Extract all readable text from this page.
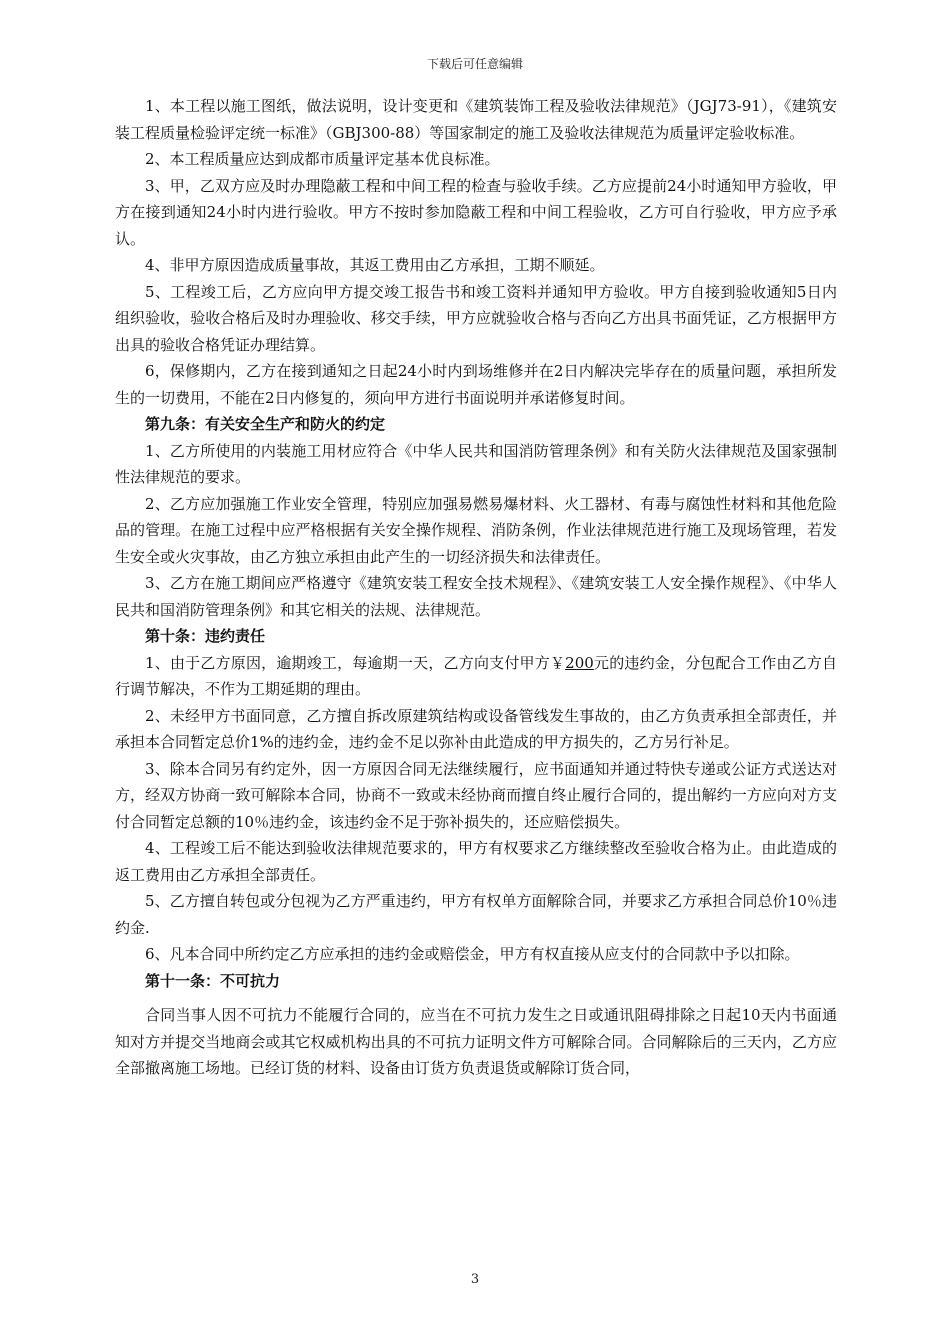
下载后可任意编辑

1、本工程以施工图纸，做法说明，设计变更和《建筑装饰工程及验收法律规范》（JGJ73-91），《建筑安装工程质量检验评定统一标准》（GBJ300-88）等国家制定的施工及验收法律规范为质量评定验收标准。

2、本工程质量应达到成都市质量评定基本优良标准。

3、甲，乙双方应及时办理隐蔽工程和中间工程的检查与验收手续。乙方应提前24小时通知甲方验收，甲方在接到通知24小时内进行验收。甲方不按时参加隐蔽工程和中间工程验收，乙方可自行验收，甲方应予承认。

4、非甲方原因造成质量事故，其返工费用由乙方承担，工期不顺延。

5、工程竣工后，乙方应向甲方提交竣工报告书和竣工资料并通知甲方验收。甲方自接到验收通知5日内组织验收，验收合格后及时办理验收、移交手续，甲方应就验收合格与否向乙方出具书面凭证，乙方根据甲方出具的验收合格凭证办理结算。

6，保修期内，乙方在接到通知之日起24小时内到场维修并在2日内解决完毕存在的质量问题，承担所发生的一切费用，不能在2日内修复的，须向甲方进行书面说明并承诺修复时间。

第九条：有关安全生产和防火的约定

1、乙方所使用的内装施工用材应符合《中华人民共和国消防管理条例》和有关防火法律规范及国家强制性法律规范的要求。

2、乙方应加强施工作业安全管理，特别应加强易燃易爆材料、火工器材、有毒与腐蚀性材料和其他危险品的管理。在施工过程中应严格根据有关安全操作规程、消防条例，作业法律规范进行施工及现场管理，若发生安全或火灾事故，由乙方独立承担由此产生的一切经济损失和法律责任。

3、乙方在施工期间应严格遵守《建筑安装工程安全技术规程》、《建筑安装工人安全操作规程》、《中华人民共和国消防管理条例》和其它相关的法规、法律规范。

第十条：违约责任

1、由于乙方原因，逾期竣工，每逾期一天，乙方向支付甲方￥200元的违约金，分包配合工作由乙方自行调节解决，不作为工期延期的理由。

2、未经甲方书面同意，乙方擅自拆改原建筑结构或设备管线发生事故的，由乙方负责承担全部责任，并承担本合同暂定总价1%的违约金，违约金不足以弥补由此造成的甲方损失的，乙方另行补足。

3、除本合同另有约定外，因一方原因合同无法继续履行，应书面通知并通过特快专递或公证方式送达对方，经双方协商一致可解除本合同，协商不一致或未经协商而擅自终止履行合同的，提出解约一方应向对方支付合同暂定总额的10％违约金，该违约金不足于弥补损失的，还应赔偿损失。

4、工程竣工后不能达到验收法律规范要求的，甲方有权要求乙方继续整改至验收合格为止。由此造成的返工费用由乙方承担全部责任。

5、乙方擅自转包或分包视为乙方严重违约，甲方有权单方面解除合同，并要求乙方承担合同总价10％违约金.

6、凡本合同中所约定乙方应承担的违约金或赔偿金，甲方有权直接从应支付的合同款中予以扣除。

第十一条：不可抗力

合同当事人因不可抗力不能履行合同的，应当在不可抗力发生之日或通讯阻碍排除之日起10天内书面通知对方并提交当地商会或其它权威机构出具的不可抗力证明文件方可解除合同。合同解除后的三天内，乙方应全部撤离施工场地。已经订货的材料、设备由订货方负责退货或解除订货合同，

3
